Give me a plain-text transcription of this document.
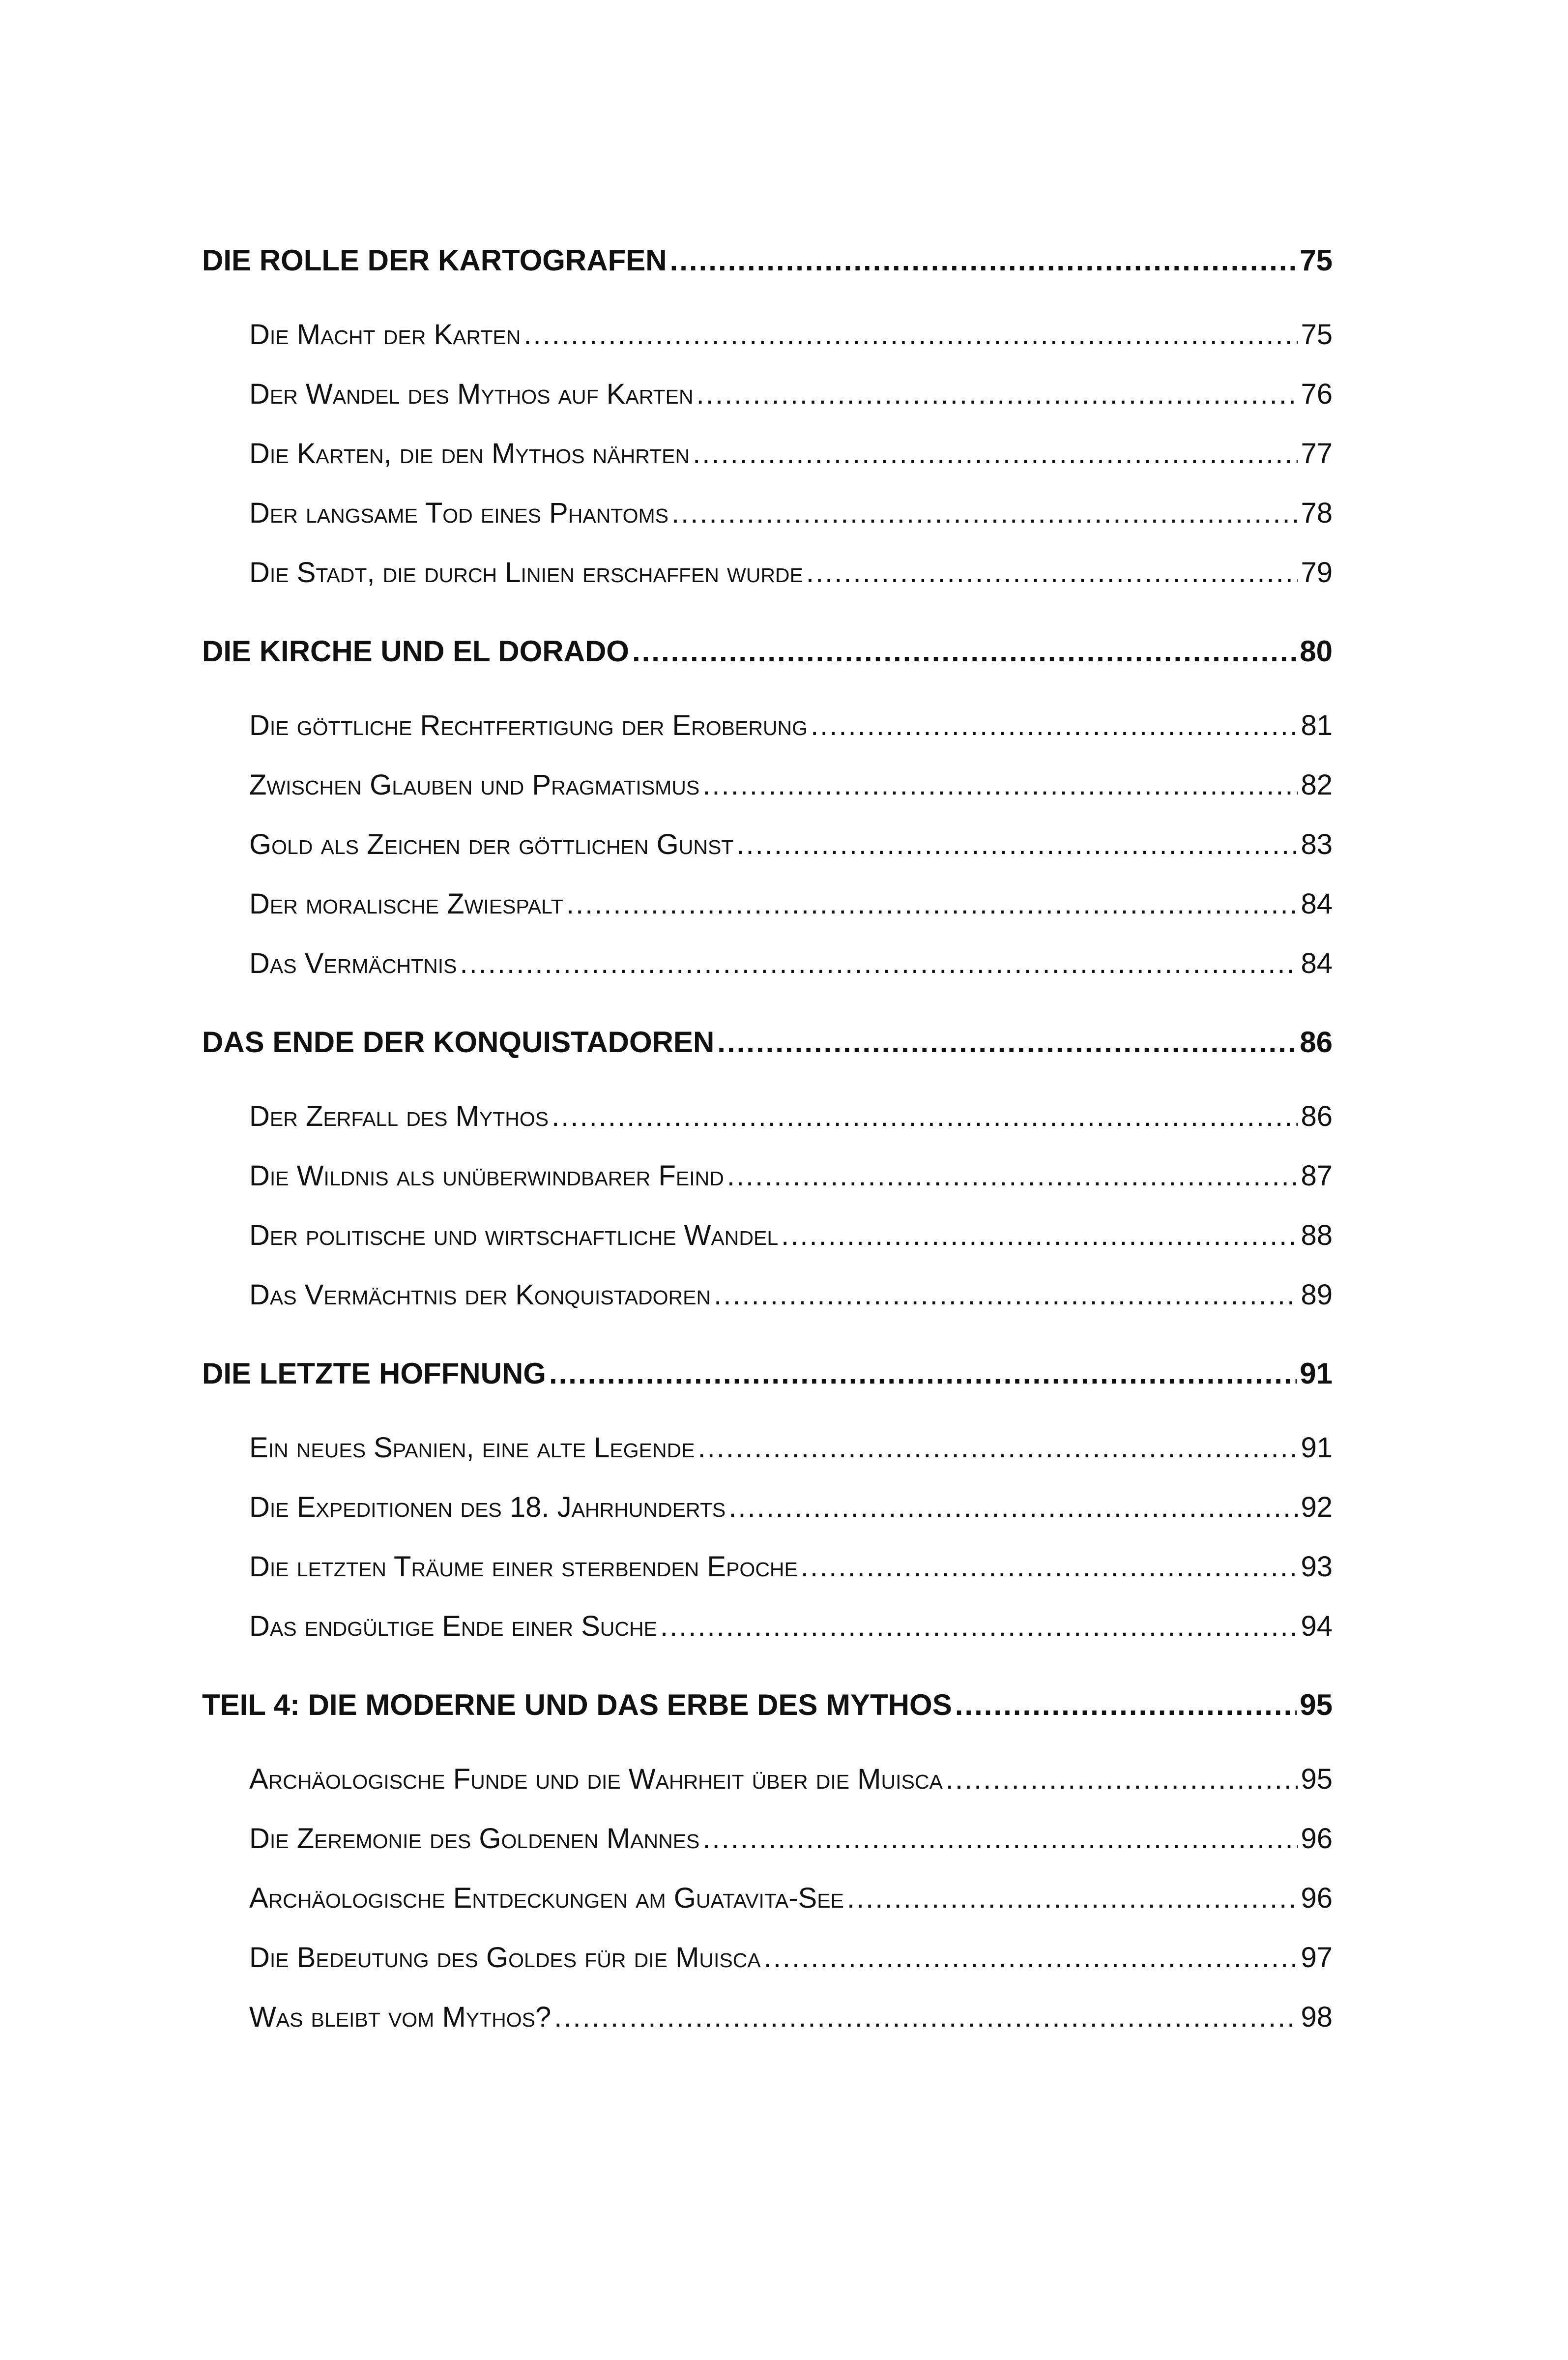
DIE ROLLE DER KARTOGRAFEN .....	75
Die Macht der Karten .....	75
Der Wandel des Mythos auf Karten .....	76
Die Karten, die den Mythos nährten .....	77
Der langsame Tod eines Phantoms .....	78
Die Stadt, die durch Linien erschaffen wurde .....	79
DIE KIRCHE UND EL DORADO .....	80
Die göttliche Rechtfertigung der Eroberung .....	81
Zwischen Glauben und Pragmatismus .....	82
Gold als Zeichen der göttlichen Gunst .....	83
Der moralische Zwiespalt .....	84
Das Vermächtnis .....	84
DAS ENDE DER KONQUISTADOREN .....	86
Der Zerfall des Mythos .....	86
Die Wildnis als unüberwindbarer Feind .....	87
Der politische und wirtschaftliche Wandel .....	88
Das Vermächtnis der Konquistadoren .....	89
DIE LETZTE HOFFNUNG .....	91
Ein neues Spanien, eine alte Legende .....	91
Die Expeditionen des 18. Jahrhunderts .....	92
Die letzten Träume einer sterbenden Epoche .....	93
Das endgültige Ende einer Suche .....	94
TEIL 4: DIE MODERNE UND DAS ERBE DES MYTHOS .....	95
Archäologische Funde und die Wahrheit über die Muisca .....	95
Die Zeremonie des Goldenen Mannes .....	96
Archäologische Entdeckungen am Guatavita-See .....	96
Die Bedeutung des Goldes für die Muisca .....	97
Was bleibt vom Mythos? .....	98
